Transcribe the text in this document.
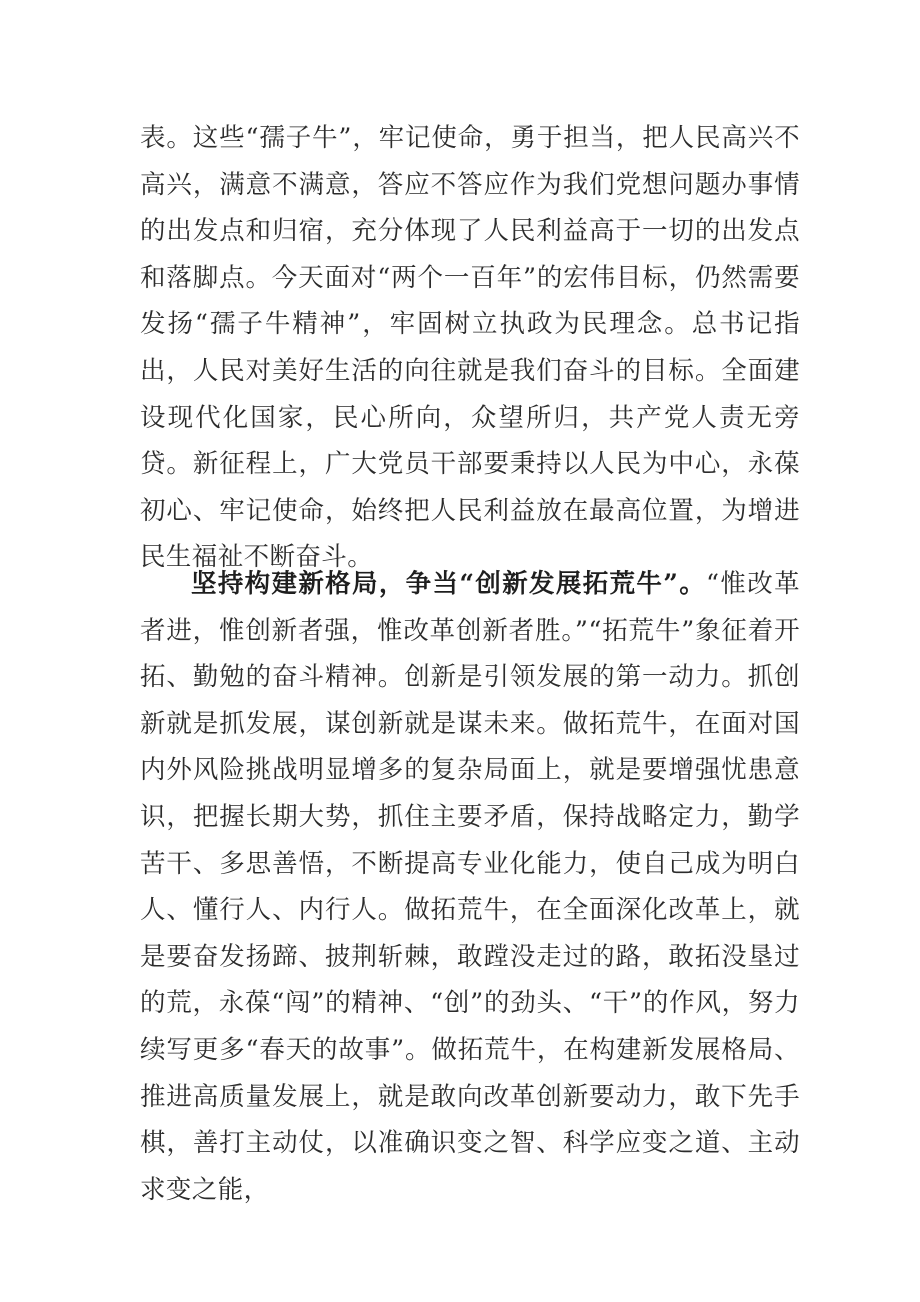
表。这些“孺子牛”，牢记使命，勇于担当，把人民高兴不高兴，满意不满意，答应不答应作为我们党想问题办事情的出发点和归宿，充分体现了人民利益高于一切的出发点和落脚点。今天面对“两个一百年”的宏伟目标，仍然需要发扬“孺子牛精神”，牢固树立执政为民理念。总书记指出，人民对美好生活的向往就是我们奋斗的目标。全面建设现代化国家，民心所向，众望所归，共产党人责无旁贷。新征程上，广大党员干部要秉持以人民为中心，永葆初心、牢记使命，始终把人民利益放在最高位置，为增进民生福祉不断奋斗。

坚持构建新格局，争当“创新发展拓荒牛”。“惟改革者进，惟创新者强，惟改革创新者胜。”“拓荒牛”象征着开拓、勤勉的奋斗精神。创新是引领发展的第一动力。抓创新就是抓发展，谋创新就是谋未来。做拓荒牛，在面对国内外风险挑战明显增多的复杂局面上，就是要增强忧患意识，把握长期大势，抓住主要矛盾，保持战略定力，勤学苦干、多思善悟，不断提高专业化能力，使自己成为明白人、懂行人、内行人。做拓荒牛，在全面深化改革上，就是要奋发扬蹄、披荆斩棘，敢蹚没走过的路，敢拓没垦过的荒，永葆“闯”的精神、“创”的劲头、“干”的作风，努力续写更多“春天的故事”。做拓荒牛，在构建新发展格局、推进高质量发展上，就是敢向改革创新要动力，敢下先手棋，善打主动仗，以准确识变之智、科学应变之道、主动求变之能，
